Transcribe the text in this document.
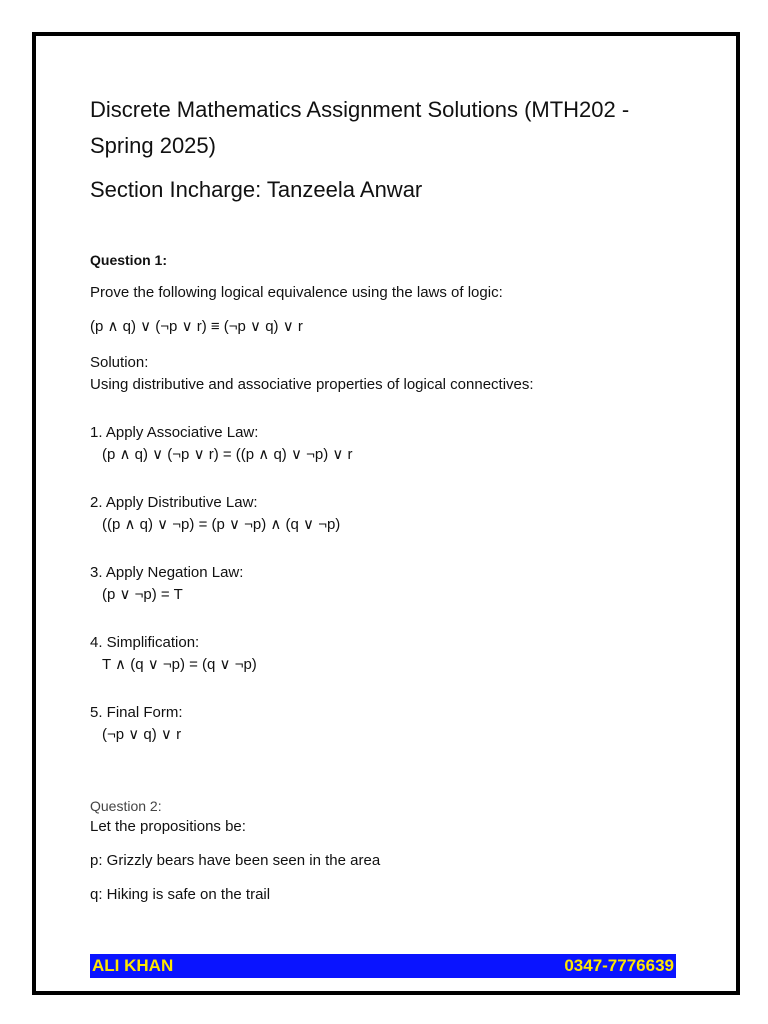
Discrete Mathematics Assignment Solutions (MTH202 -
Spring 2025)
Section Incharge: Tanzeela Anwar

Question 1:

Prove the following logical equivalence using the laws of logic:

(p ∧ q) ∨ (¬p ∨ r) ≡ (¬p ∨ q) ∨ r

Solution:

Using distributive and associative properties of logical connectives:

1. Apply Associative Law:

(p ∧ q) ∨ (¬p ∨ r) = ((p ∧ q) ∨ ¬p) ∨ r

2. Apply Distributive Law:

((p ∧ q) ∨ ¬p) = (p ∨ ¬p) ∧ (q ∨ ¬p)

3. Apply Negation Law:

(p ∨ ¬p) = T

4. Simplification:

T ∧ (q ∨ ¬p) = (q ∨ ¬p)

5. Final Form:

(¬p ∨ q) ∨ r

Question 2:

Let the propositions be:

p: Grizzly bears have been seen in the area

q: Hiking is safe on the trail

ALI KHAN	0347-7776639
